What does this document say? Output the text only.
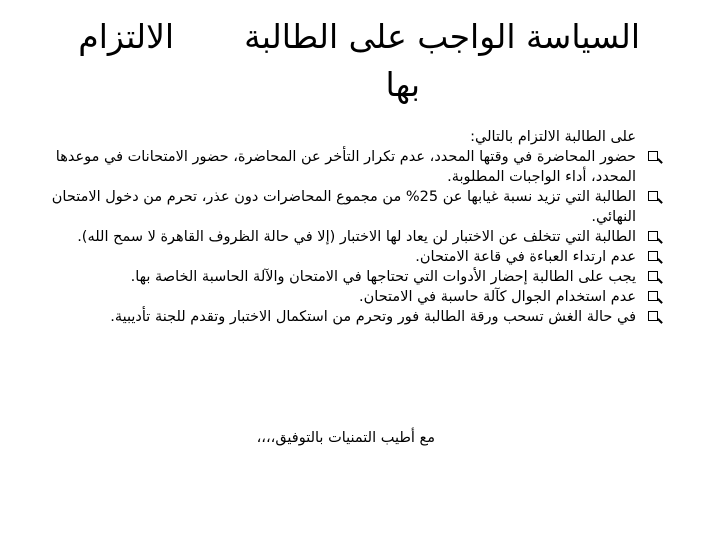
السياسة الواجب على الطالبةالالتزام
بها

على الطالبة الالتزام بالتالي:

حضور المحاضرة في وقتها المحدد، عدم تكرار التأخر عن المحاضرة، حضور الامتحانات في موعدها المحدد، أداء الواجبات المطلوبة.
الطالبة التي تزيد نسبة غيابها عن 25% من مجموع المحاضرات دون عذر، تحرم من دخول الامتحان النهائي.
الطالبة التي تتخلف عن الاختبار لن يعاد لها الاختبار (إلا في حالة الظروف القاهرة لا سمح الله).
عدم ارتداء العباءة في قاعة الامتحان.
يجب على الطالبة إحضار الأدوات التي تحتاجها في الامتحان والآلة الحاسبة الخاصة بها.
عدم استخدام الجوال كآلة حاسبة في الامتحان.
في حالة الغش تسحب ورقة الطالبة فور وتحرم من استكمال الاختبار وتقدم للجنة تأديبية.
مع أطيب التمنيات بالتوفيق،،،،
